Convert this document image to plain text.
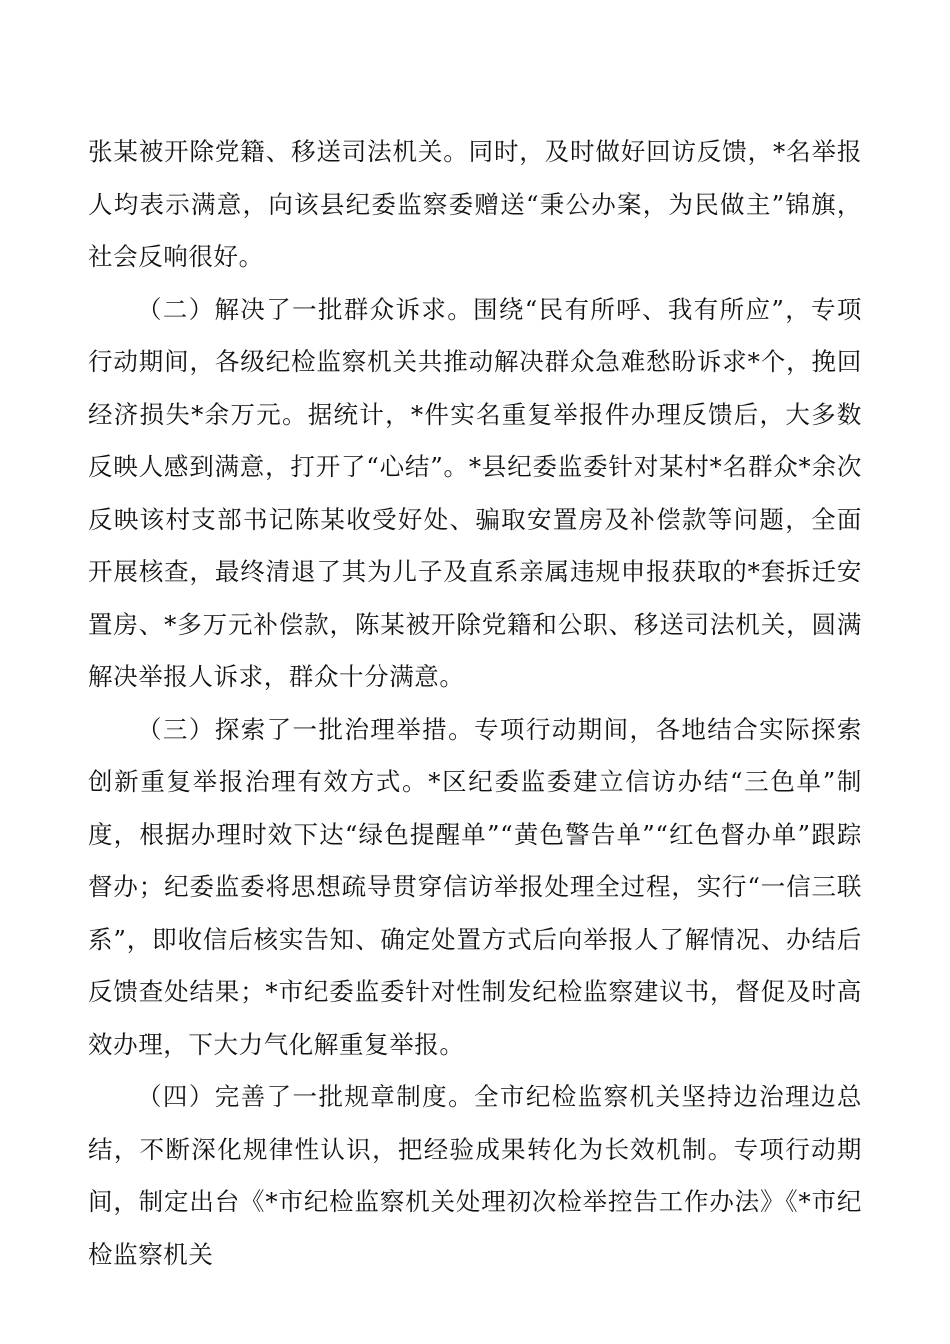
张某被开除党籍、移送司法机关。同时，及时做好回访反馈，*名举报人均表示满意，向该县纪委监察委赠送“秉公办案，为民做主”锦旗，社会反响很好。

（二）解决了一批群众诉求。围绕“民有所呼、我有所应”，专项行动期间，各级纪检监察机关共推动解决群众急难愁盼诉求*个，挽回经济损失*余万元。据统计，*件实名重复举报件办理反馈后，大多数反映人感到满意，打开了“心结”。*县纪委监委针对某村*名群众*余次反映该村支部书记陈某收受好处、骗取安置房及补偿款等问题，全面开展核查，最终清退了其为儿子及直系亲属违规申报获取的*套拆迁安置房、*多万元补偿款，陈某被开除党籍和公职、移送司法机关，圆满解决举报人诉求，群众十分满意。

（三）探索了一批治理举措。专项行动期间，各地结合实际探索创新重复举报治理有效方式。*区纪委监委建立信访办结“三色单”制度，根据办理时效下达“绿色提醒单”“黄色警告单”“红色督办单”跟踪督办；纪委监委将思想疏导贯穿信访举报处理全过程，实行“一信三联系”，即收信后核实告知、确定处置方式后向举报人了解情况、办结后反馈查处结果；*市纪委监委针对性制发纪检监察建议书，督促及时高效办理，下大力气化解重复举报。

（四）完善了一批规章制度。全市纪检监察机关坚持边治理边总结，不断深化规律性认识，把经验成果转化为长效机制。专项行动期间，制定出台《*市纪检监察机关处理初次检举控告工作办法》《*市纪检监察机关
